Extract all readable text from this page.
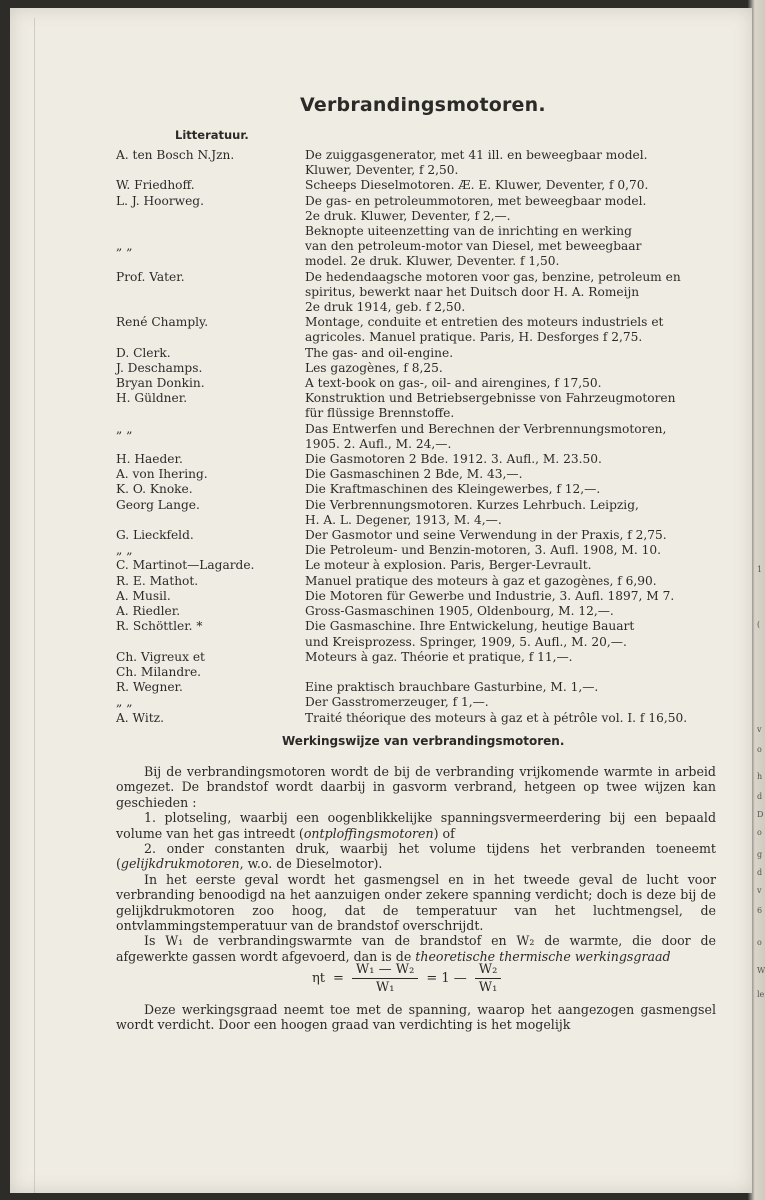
1
(
v
o
h
d
D
o
g
d
v
6
o
W
le
Verbrandingsmotoren.
Litteratuur.
A. ten Bosch N.Jzn.	De zuiggasgenerator, met 41 ill. en beweegbaar model.
Kluwer, Deventer, f 2,50.
W. Friedhoff.	Scheeps Dieselmotoren. Æ. E. Kluwer, Deventer, f 0,70.
L. J. Hoorweg.	De gas- en petroleummotoren, met beweegbaar model.
2e druk. Kluwer, Deventer, f 2,—.
Beknopte uiteenzetting van de inrichting en werking
„ „	van den petroleum-motor van Diesel, met beweegbaar
model. 2e druk. Kluwer, Deventer. f 1,50.
Prof. Vater.	De hedendaagsche motoren voor gas, benzine, petroleum en
spiritus, bewerkt naar het Duitsch door H. A. Romeijn
2e druk 1914, geb. f 2,50.
René Champly.	Montage, conduite et entretien des moteurs industriels et
agricoles. Manuel pratique. Paris, H. Desforges f 2,75.
D. Clerk.	The gas- and oil-engine.
J. Deschamps.	Les gazogènes, f 8,25.
Bryan Donkin.	A text-book on gas-, oil- and airengines, f 17,50.
H. Güldner.	Konstruktion und Betriebsergebnisse von Fahrzeugmotoren
für flüssige Brennstoffe.
„ „	Das Entwerfen und Berechnen der Verbrennungsmotoren,
1905. 2. Aufl., M. 24,—.
H. Haeder.	Die Gasmotoren 2 Bde. 1912. 3. Aufl., M. 23.50.
A. von Ihering.	Die Gasmaschinen 2 Bde, M. 43,—.
K. O. Knoke.	Die Kraftmaschinen des Kleingewerbes, f 12,—.
Georg Lange.	Die Verbrennungsmotoren. Kurzes Lehrbuch. Leipzig,
H. A. L. Degener, 1913, M. 4,—.
G. Lieckfeld.	Der Gasmotor und seine Verwendung in der Praxis, f 2,75.
„ „	Die Petroleum- und Benzin-motoren, 3. Aufl. 1908, M. 10.
C. Martinot—Lagarde.	Le moteur à explosion. Paris, Berger-Levrault.
R. E. Mathot.	Manuel pratique des moteurs à gaz et gazogènes, f 6,90.
A. Musil.	Die Motoren für Gewerbe und Industrie, 3. Aufl. 1897, M 7.
A. Riedler.	Gross-Gasmaschinen 1905, Oldenbourg, M. 12,—.
R. Schöttler. *	Die Gasmaschine. Ihre Entwickelung, heutige Bauart
und Kreisprozess. Springer, 1909, 5. Aufl., M. 20,—.
Ch. Vigreux et	Moteurs à gaz. Théorie et pratique, f 11,—.
Ch. Milandre.

R. Wegner.	Eine praktisch brauchbare Gasturbine, M. 1,—.
„ „	Der Gasstromerzeuger, f 1,—.
A. Witz.	Traité théorique des moteurs à gaz et à pétrôle vol. I. f 16,50.
Werkingswijze van verbrandingsmotoren.

Bij de verbrandingsmotoren wordt de bij de verbranding vrijkomende warmte in arbeid omgezet. De brandstof wordt daarbij in gasvorm verbrand, hetgeen op twee wijzen kan geschieden :

1. plotseling, waarbij een oogenblikkelijke spanningsvermeerdering bij een bepaald volume van het gas intreedt (ontploffingsmotoren) of

2. onder constanten druk, waarbij het volume tijdens het verbranden toeneemt (gelijkdrukmotoren, w.o. de Dieselmotor).

In het eerste geval wordt het gasmengsel en in het tweede geval de lucht voor verbranding benoodigd na het aanzuigen onder zekere spanning verdicht; doch is deze bij de gelijkdrukmotoren zoo hoog, dat de temperatuur van het luchtmengsel, de ontvlammingstemperatuur van de brandstof overschrijdt.

Is W₁ de verbrandingswarmte van de brandstof en W₂ de warmte, die door de afgewerkte gassen wordt afgevoerd, dan is de theoretische thermische werkingsgraad

$\eta t = \frac{\text{W₁ — W₂}}{\text{W₁}} = 1$ — $\frac{\text{W₂}}{\text{W₁}}$

Deze werkingsgraad neemt toe met de spanning, waarop het aangezogen gasmengsel wordt verdicht. Door een hoogen graad van verdichting is het mogelijk
